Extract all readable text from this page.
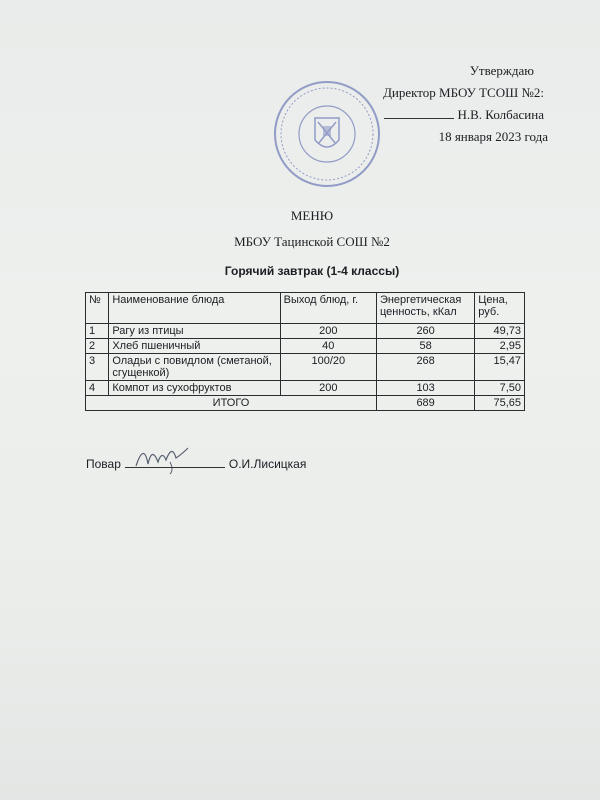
Утверждаю
Директор МБОУ ТСОШ №2:
Н.В. Колбасина
18 января 2023 года
МЕНЮ
МБОУ Тацинской СОШ №2
Горячий завтрак (1-4 классы)
№	Наименование блюда	Выход блюд, г.	Энергетическая ценность, кКал	Цена, руб.
1	Рагу из птицы	200	260	49,73
2	Хлеб пшеничный	40	58	2,95
3	Оладьи с повидлом (сметаной, сгущенкой)	100/20	268	15,47
4	Компот из сухофруктов	200	103	7,50
ИТОГО			689	75,65
Повар	О.И.Лисицкая
